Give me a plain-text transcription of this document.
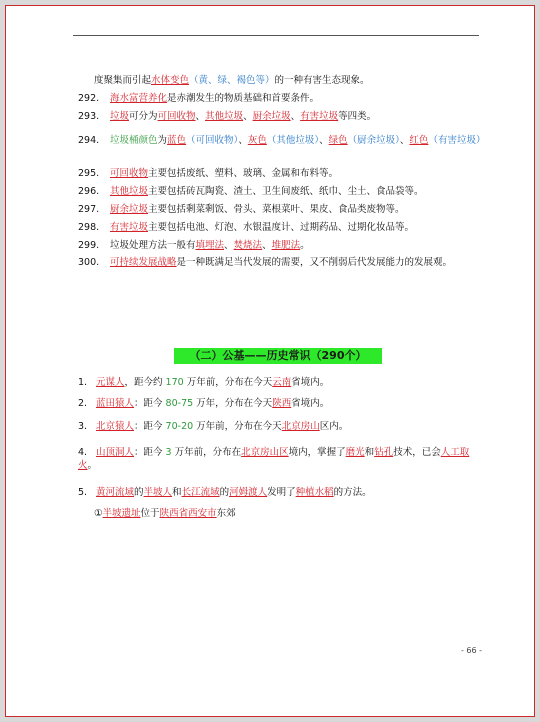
度聚集而引起水体变色（黄、绿、褐色等）的一种有害生态现象。
292. 海水富营养化是赤潮发生的物质基础和首要条件。
293. 垃圾可分为可回收物、其他垃圾、厨余垃圾、有害垃圾等四类。
294. 垃圾桶颜色为蓝色（可回收物）、灰色（其他垃圾）、绿色（厨余垃圾）、红色（有害垃圾）
295. 可回收物主要包括废纸、塑料、玻璃、金属和布料等。
296. 其他垃圾主要包括砖瓦陶瓷、渣土、卫生间废纸、纸巾、尘土、食品袋等。
297. 厨余垃圾主要包括剩菜剩饭、骨头、菜根菜叶、果皮、食品类废物等。
298. 有害垃圾主要包括电池、灯泡、水银温度计、过期药品、过期化妆品等。
299. 垃圾处理方法一般有填埋法、焚烧法、堆肥法。
300. 可持续发展战略是一种既满足当代发展的需要，又不削弱后代发展能力的发展观。
（二）公基——历史常识（290个）
1. 元谋人，距今约 170 万年前，分布在今天云南省境内。
2. 蓝田猿人：距今 80-75 万年，分布在今天陕西省境内。
3. 北京猿人：距今 70-20 万年前，分布在今天北京房山区内。
4. 山顶洞人：距今 3 万年前，分布在北京房山区境内，掌握了磨光和钻孔技术，已会人工取火。
5. 黄河流域的半坡人和长江流域的河姆渡人发明了种植水稻的方法。
①半坡遗址位于陕西省西安市东郊
- 66 -
